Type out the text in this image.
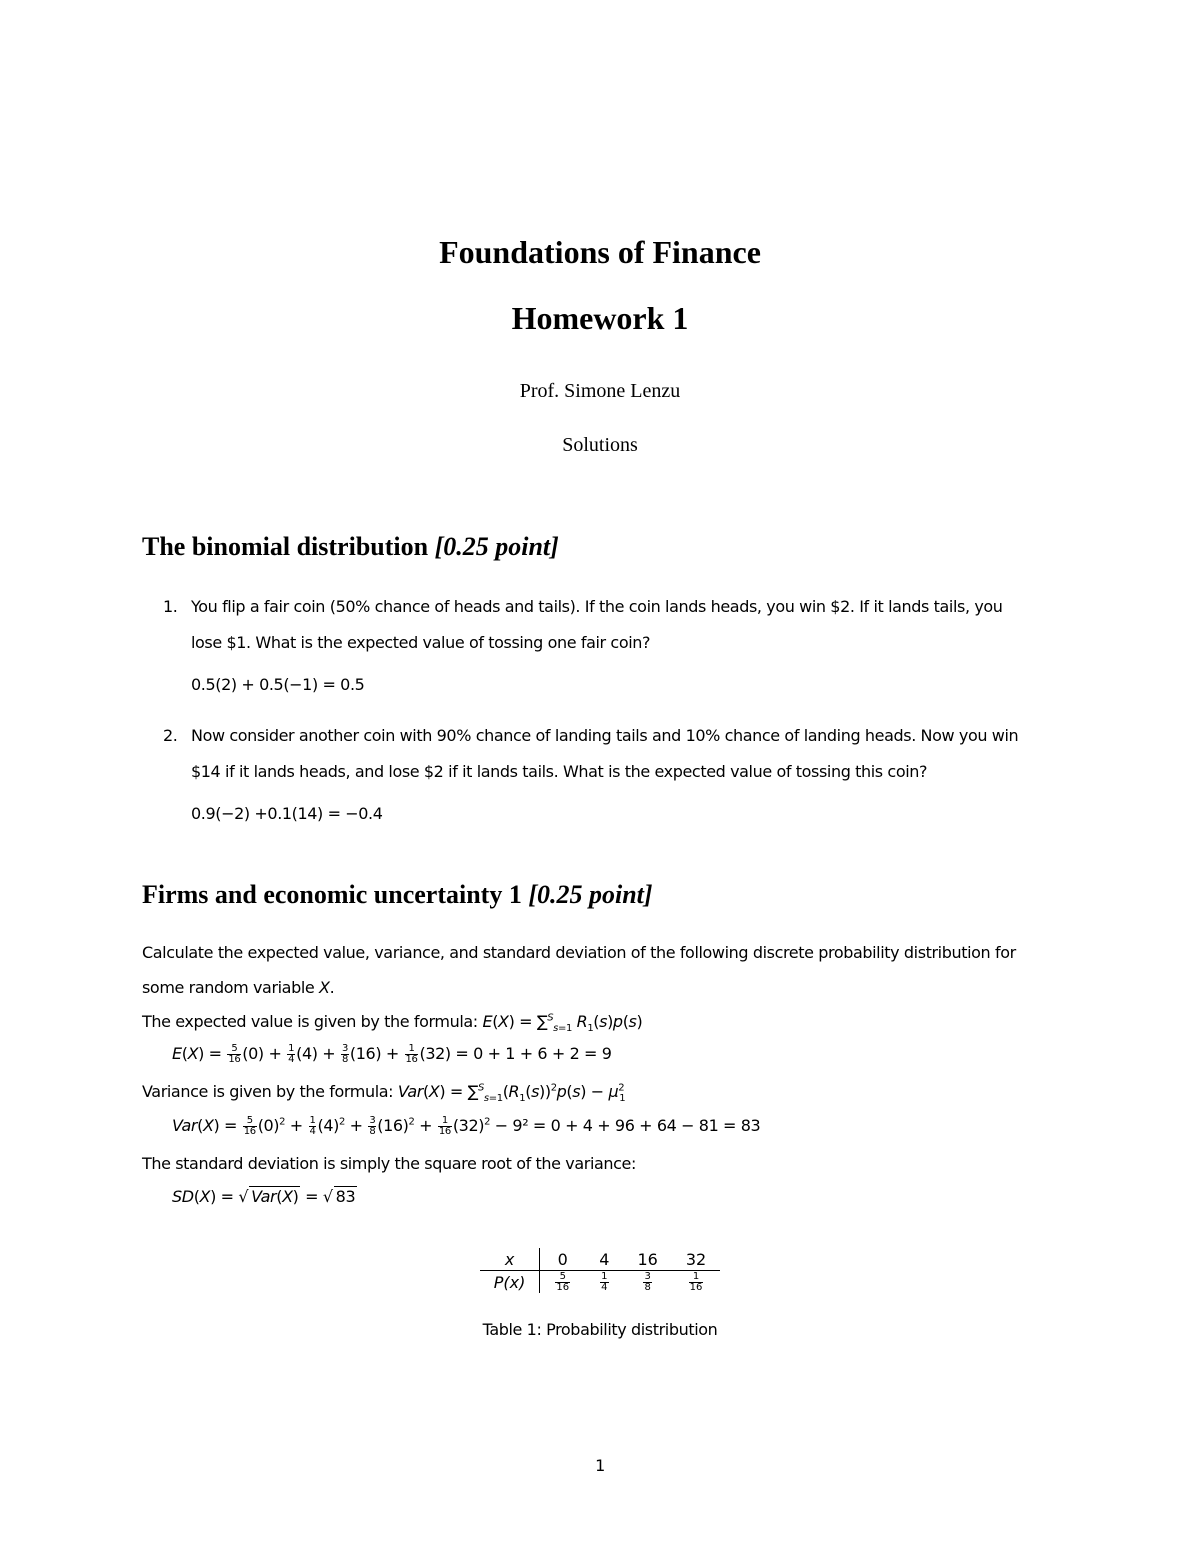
Foundations of Finance
Homework 1
Prof. Simone Lenzu
Solutions
The binomial distribution [0.25 point]
1. You flip a fair coin (50% chance of heads and tails). If the coin lands heads, you win $2. If it lands tails, you
lose $1. What is the expected value of tossing one fair coin?
0.5(2) + 0.5(−1) = 0.5
2. Now consider another coin with 90% chance of landing tails and 10% chance of landing heads. Now you win
$14 if it lands heads, and lose $2 if it lands tails. What is the expected value of tossing this coin?
0.9(−2) +0.1(14) = −0.4
Firms and economic uncertainty 1 [0.25 point]
Calculate the expected value, variance, and standard deviation of the following discrete probability distribution for
some random variable X.
The expected value is given by the formula: E(X) = ∑$^S_{s=1}$ $R_1(s)p(s)$
$E(X) = \frac{5}{16} (0) + \frac{1}{4} (4) + \frac{3}{8} (16) + \frac{1}{16} (32) = 0 + 1 + 6 + 2 = 9$
Variance is given by the formula: $Var(X) = \sum^S_{s=1}(R_1(s))^2p(s) - \mu^2_1$
$Var(X) = \frac{5}{16} (0)^2 + \frac{1}{4} (4)^2 + \frac{3}{8} (16)^2 + \frac{1}{16} (32)^2 - 9^2 = 0 + 4 + 96 + 64 - 81 = 83$
The standard deviation is simply the square root of the variance:
SD(X) = √ Var(X) = √ 83
x	0	4	16	32
P(x)	$\frac{5}{16}$	$\frac{1}{4}$	$\frac{3}{8}$	$\frac{1}{16}$
Table 1: Probability distribution
1
